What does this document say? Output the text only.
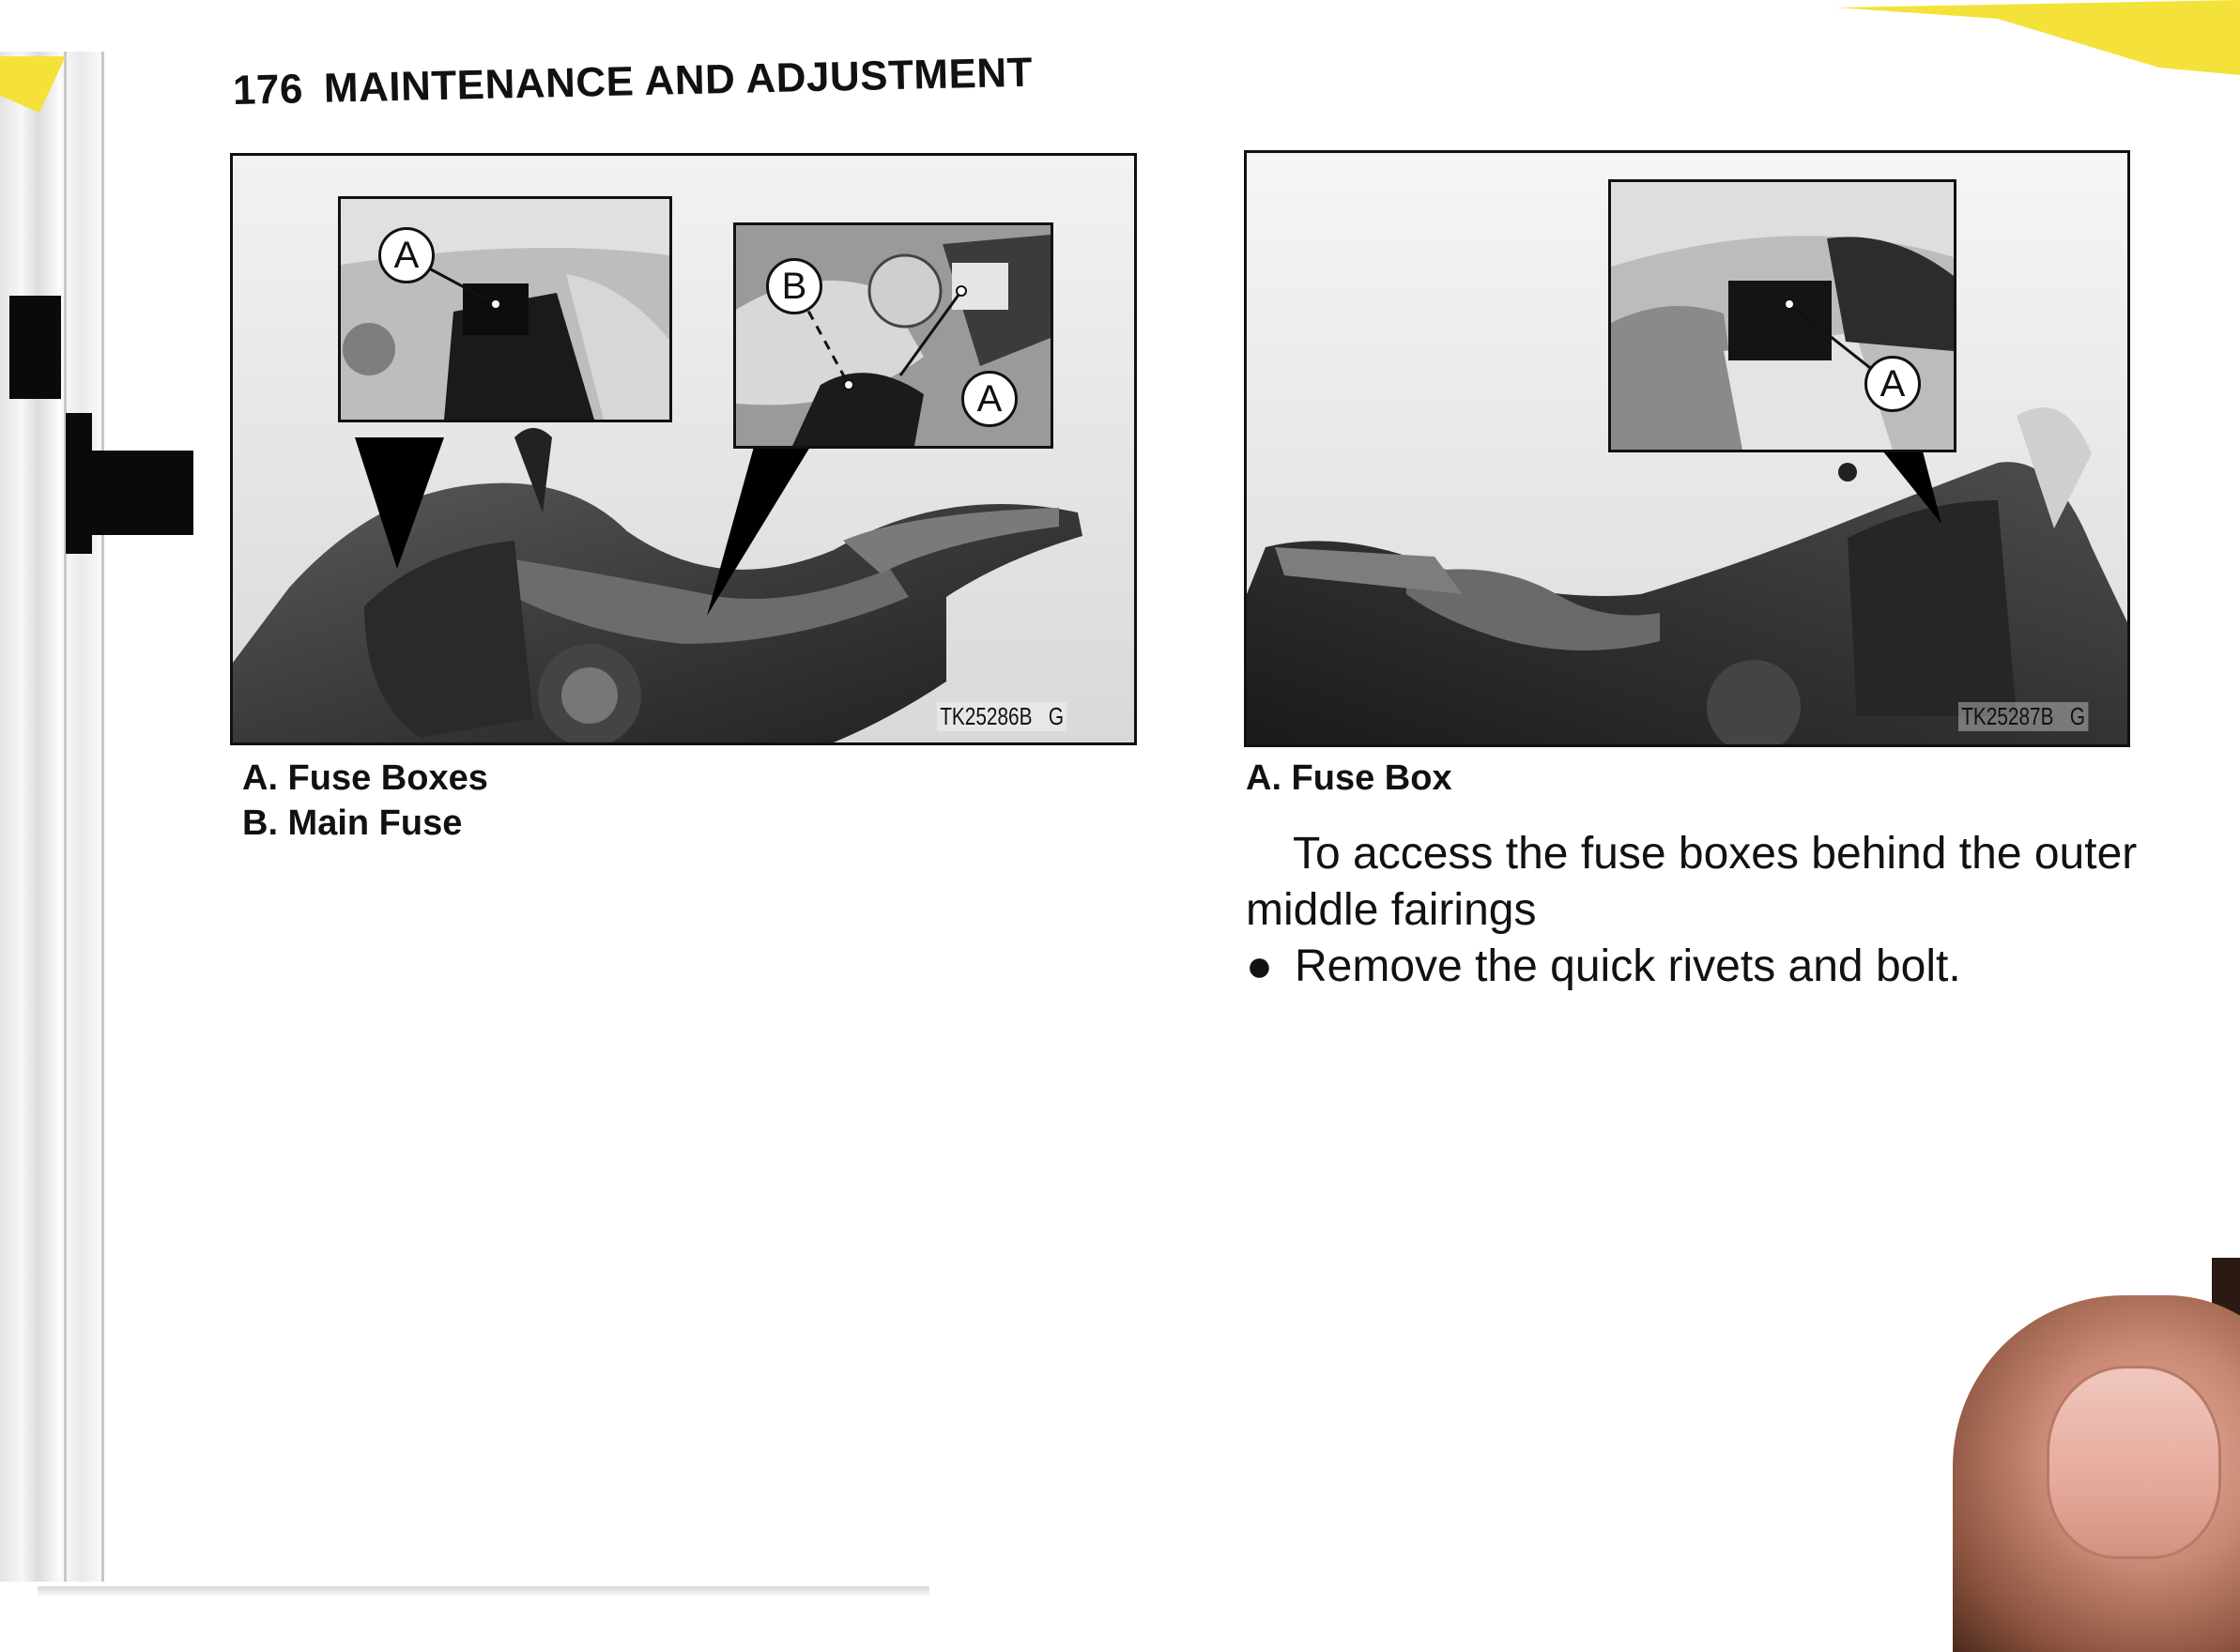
176 MAINTENANCE AND ADJUSTMENT
A
B
A
TK25286B G
A. Fuse Boxes
B. Main Fuse
A
TK25287B G
A. Fuse Box
To access the fuse boxes behind the outer middle fairings
● Remove the quick rivets and bolt.
